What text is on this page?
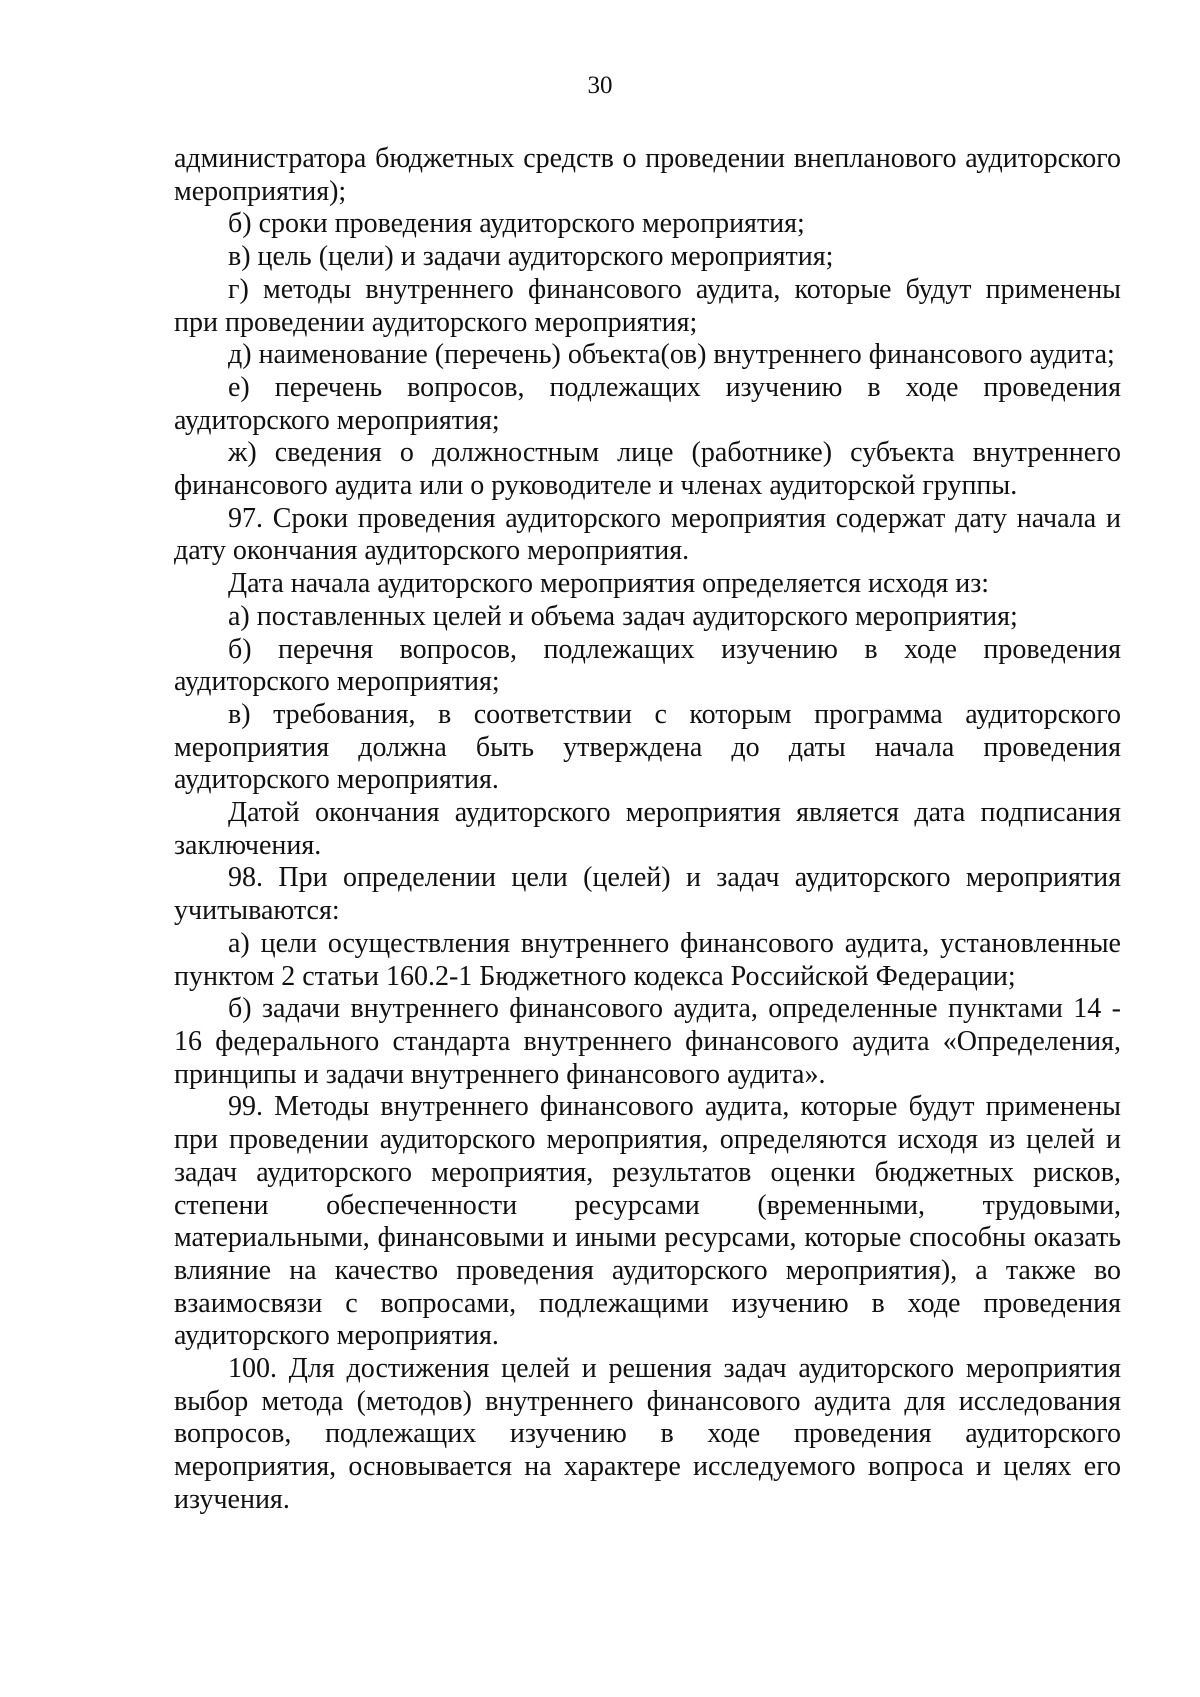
30

администратора бюджетных средств о проведении внепланового аудиторского мероприятия);

б) сроки проведения аудиторского мероприятия;

в) цель (цели) и задачи аудиторского мероприятия;

г) методы внутреннего финансового аудита, которые будут применены при проведении аудиторского мероприятия;

д) наименование (перечень) объекта(ов) внутреннего финансового аудита;

е) перечень вопросов, подлежащих изучению в ходе проведения аудиторского мероприятия;

ж) сведения о должностным лице (работнике) субъекта внутреннего финансового аудита или о руководителе и членах аудиторской группы.

97. Сроки проведения аудиторского мероприятия содержат дату начала и дату окончания аудиторского мероприятия.

Дата начала аудиторского мероприятия определяется исходя из:

а) поставленных целей и объема задач аудиторского мероприятия;

б) перечня вопросов, подлежащих изучению в ходе проведения аудиторского мероприятия;

в) требования, в соответствии с которым программа аудиторского мероприятия должна быть утверждена до даты начала проведения аудиторского мероприятия.

Датой окончания аудиторского мероприятия является дата подписания заключения.

98. При определении цели (целей) и задач аудиторского мероприятия учитываются:

а) цели осуществления внутреннего финансового аудита, установленные пунктом 2 статьи 160.2-1 Бюджетного кодекса Российской Федерации;

б) задачи внутреннего финансового аудита, определенные пунктами 14 - 16 федерального стандарта внутреннего финансового аудита «Определения, принципы и задачи внутреннего финансового аудита».

99. Методы внутреннего финансового аудита, которые будут применены при проведении аудиторского мероприятия, определяются исходя из целей и задач аудиторского мероприятия, результатов оценки бюджетных рисков, степени обеспеченности ресурсами (временными, трудовыми, материальными, финансовыми и иными ресурсами, которые способны оказать влияние на качество проведения аудиторского мероприятия), а также во взаимосвязи с вопросами, подлежащими изучению в ходе проведения аудиторского мероприятия.

100. Для достижения целей и решения задач аудиторского мероприятия выбор метода (методов) внутреннего финансового аудита для исследования вопросов, подлежащих изучению в ходе проведения аудиторского мероприятия, основывается на характере исследуемого вопроса и целях его изучения.
